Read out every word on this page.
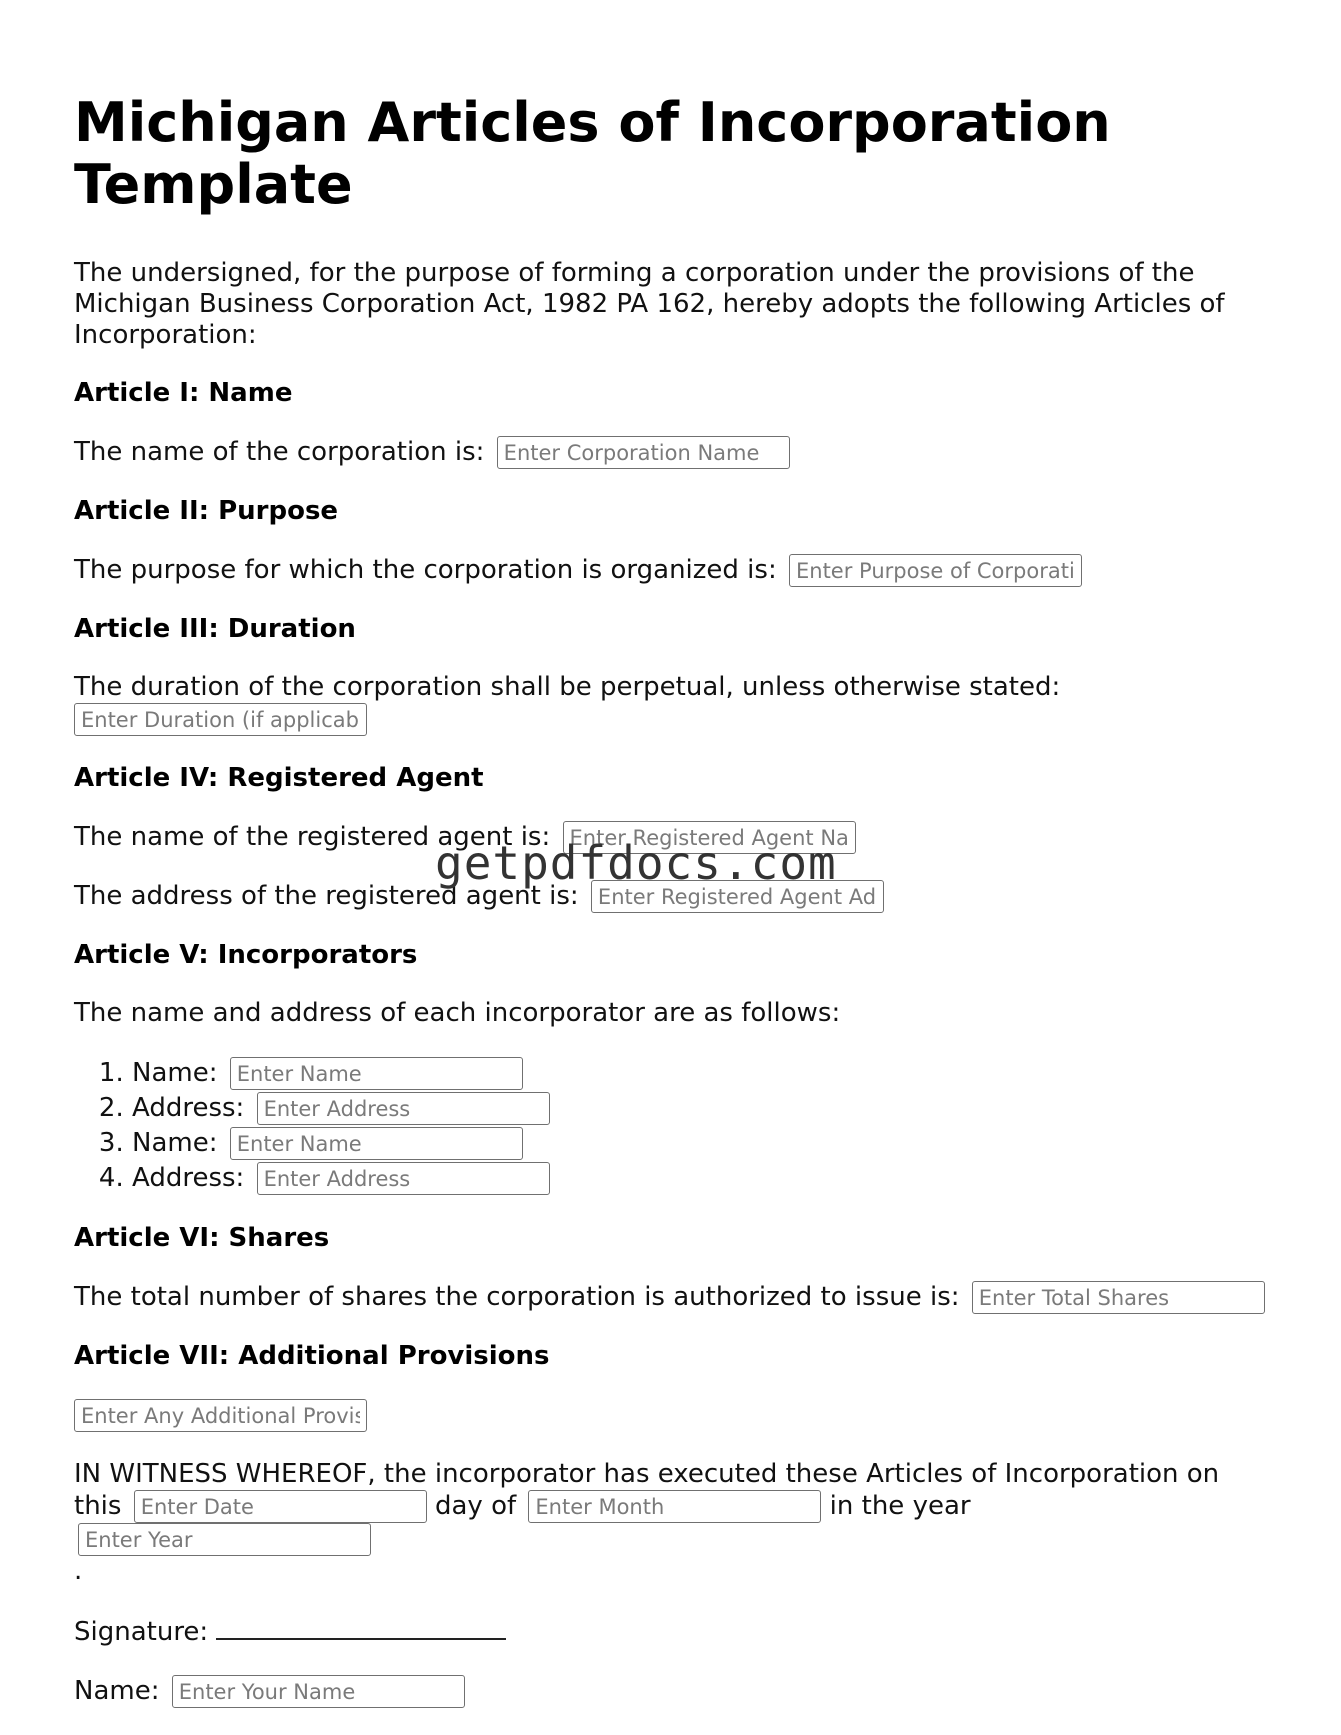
Michigan Articles of Incorporation Template

The undersigned, for the purpose of forming a corporation under the provisions of the Michigan Business Corporation Act, 1982 PA 162, hereby adopts the following Articles of Incorporation:

Article I: Name

The name of the corporation is: Enter Corporation Name

Article II: Purpose

The purpose for which the corporation is organized is: Enter Purpose of Corporation

Article III: Duration

The duration of the corporation shall be perpetual, unless otherwise stated:
Enter Duration (if applicable)

Article IV: Registered Agent

The name of the registered agent is: Enter Registered Agent Name

The address of the registered agent is: Enter Registered Agent Address

Article V: Incorporators

The name and address of each incorporator are as follows:

1. Name: Enter Name
2. Address: Enter Address
3. Name: Enter Name
4. Address: Enter Address
Article VI: Shares

The total number of shares the corporation is authorized to issue is: Enter Total Shares

Article VII: Additional Provisions

Enter Any Additional Provisions

IN WITNESS WHEREOF, the incorporator has executed these Articles of Incorporation on this Enter Date	day of Enter Month	in the year Enter Year
.

Signature:

Name: Enter Your Name

getpdfdocs.com
